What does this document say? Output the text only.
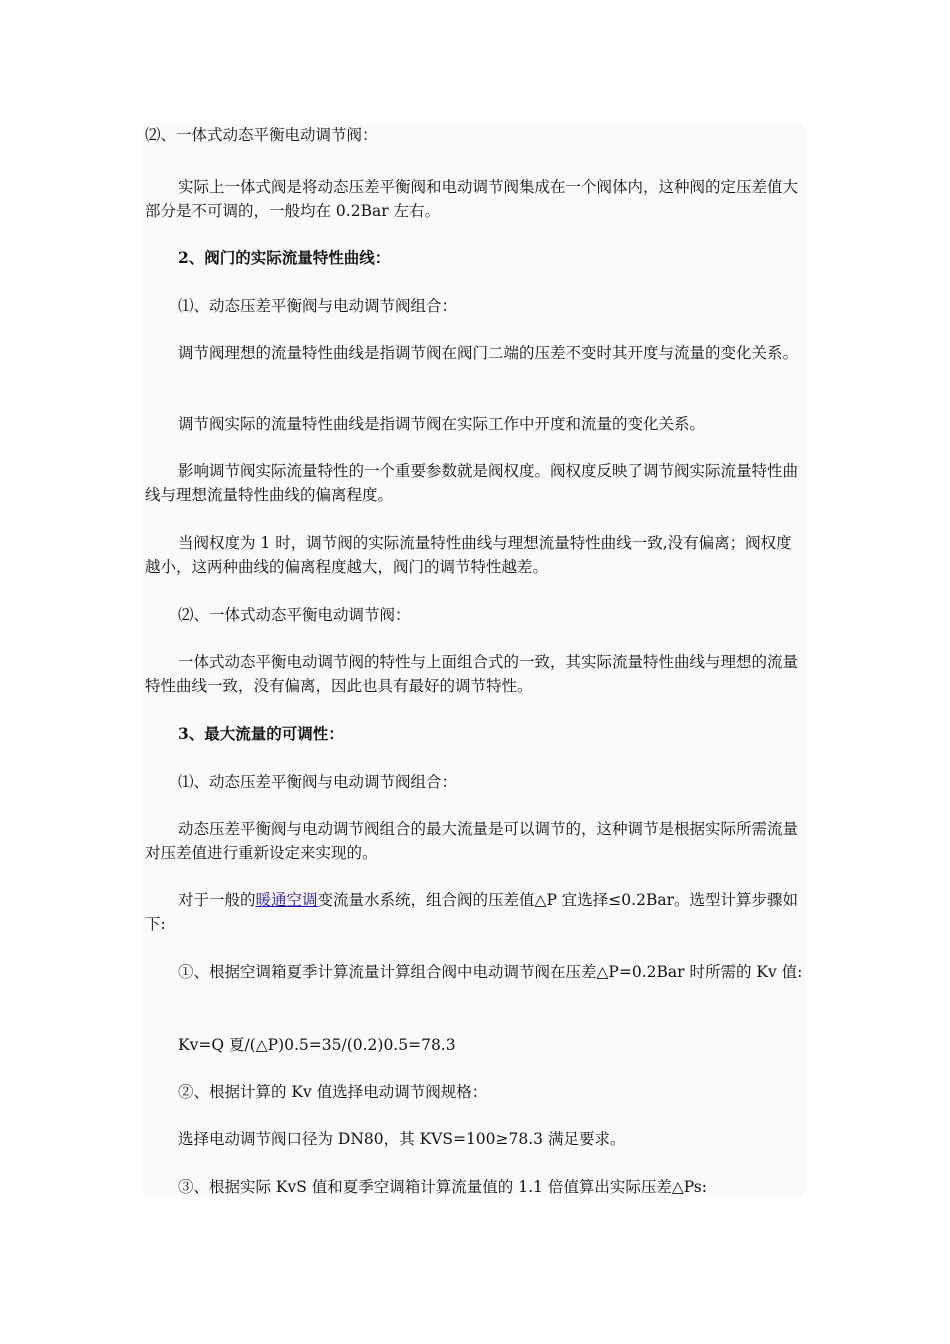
⑵、一体式动态平衡电动调节阀：

实际上一体式阀是将动态压差平衡阀和电动调节阀集成在一个阀体内，这种阀的定压差值大部分是不可调的，一般均在 0.2Bar 左右。

2、阀门的实际流量特性曲线：

⑴、动态压差平衡阀与电动调节阀组合：

调节阀理想的流量特性曲线是指调节阀在阀门二端的压差不变时其开度与流量的变化关系。

调节阀实际的流量特性曲线是指调节阀在实际工作中开度和流量的变化关系。

影响调节阀实际流量特性的一个重要参数就是阀权度。阀权度反映了调节阀实际流量特性曲线与理想流量特性曲线的偏离程度。

当阀权度为 1 时，调节阀的实际流量特性曲线与理想流量特性曲线一致,没有偏离；阀权度越小，这两种曲线的偏离程度越大，阀门的调节特性越差。

⑵、一体式动态平衡电动调节阀：

一体式动态平衡电动调节阀的特性与上面组合式的一致，其实际流量特性曲线与理想的流量特性曲线一致，没有偏离，因此也具有最好的调节特性。

3、最大流量的可调性：

⑴、动态压差平衡阀与电动调节阀组合：

动态压差平衡阀与电动调节阀组合的最大流量是可以调节的，这种调节是根据实际所需流量对压差值进行重新设定来实现的。

对于一般的暖通空调变流量水系统，组合阀的压差值△P 宜选择≤0.2Bar。选型计算步骤如下:

①、根据空调箱夏季计算流量计算组合阀中电动调节阀在压差△P=0.2Bar 时所需的 Kv 值:

Kv=Q 夏/(△P)0.5=35/(0.2)0.5=78.3

②、根据计算的 Kv 值选择电动调节阀规格：

选择电动调节阀口径为 DN80，其 KVS=100≥78.3 满足要求。

③、根据实际 KvS 值和夏季空调箱计算流量值的 1.1 倍值算出实际压差△Ps:
